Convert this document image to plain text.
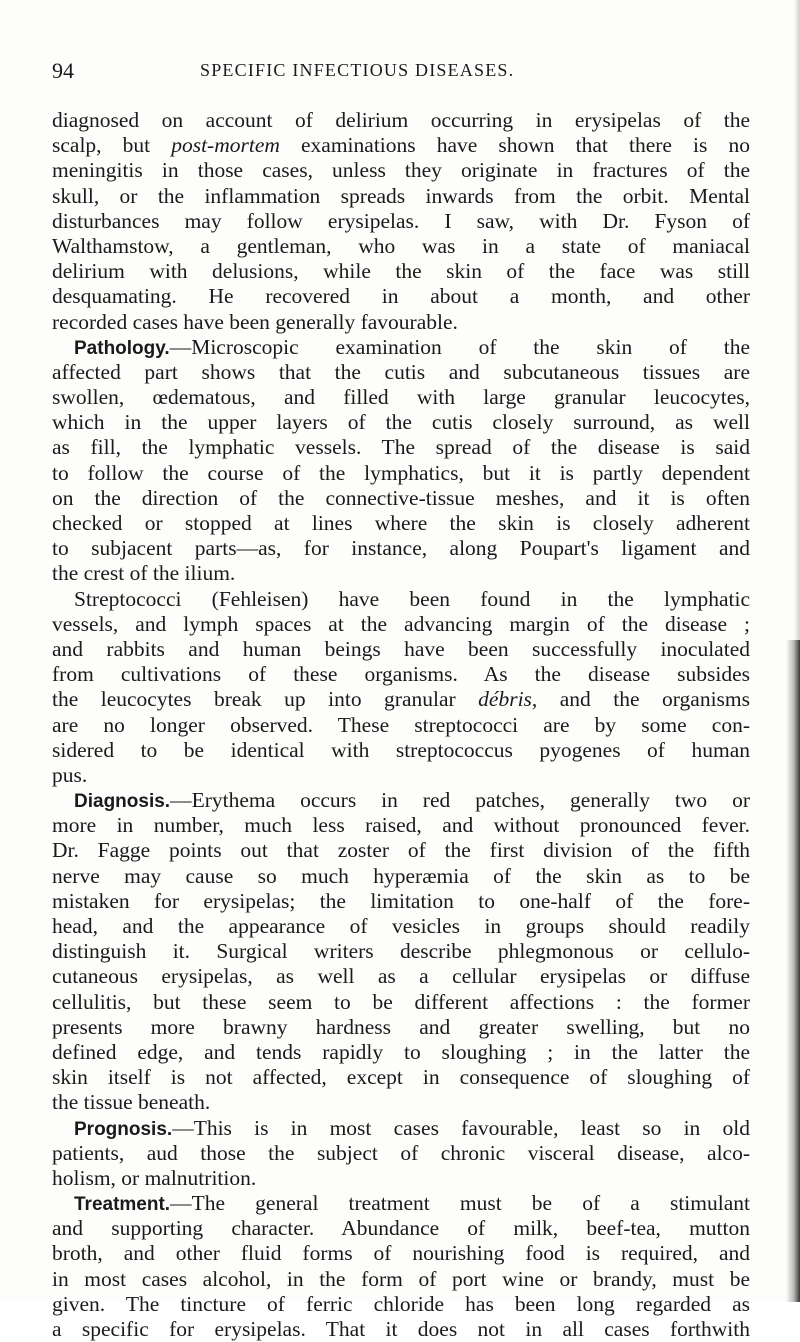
94	SPECIFIC INFECTIOUS DISEASES.
diagnosed on account of delirium occurring in erysipelas of the
scalp, but post-mortem examinations have shown that there is no
meningitis in those cases, unless they originate in fractures of the
skull, or the inflammation spreads inwards from the orbit. Mental
disturbances may follow erysipelas. I saw, with Dr. Fyson of
Walthamstow, a gentleman, who was in a state of maniacal
delirium with delusions, while the skin of the face was still
desquamating. He recovered in about a month, and other
recorded cases have been generally favourable.
Pathology.—Microscopic examination of the skin of the
affected part shows that the cutis and subcutaneous tissues are
swollen, œdematous, and filled with large granular leucocytes,
which in the upper layers of the cutis closely surround, as well
as fill, the lymphatic vessels. The spread of the disease is said
to follow the course of the lymphatics, but it is partly dependent
on the direction of the connective-tissue meshes, and it is often
checked or stopped at lines where the skin is closely adherent
to subjacent parts—as, for instance, along Poupart's ligament and
the crest of the ilium.
Streptococci (Fehleisen) have been found in the lymphatic
vessels, and lymph spaces at the advancing margin of the disease ;
and rabbits and human beings have been successfully inoculated
from cultivations of these organisms. As the disease subsides
the leucocytes break up into granular débris, and the organisms
are no longer observed. These streptococci are by some con-
sidered to be identical with streptococcus pyogenes of human
pus.
Diagnosis.—Erythema occurs in red patches, generally two or
more in number, much less raised, and without pronounced fever.
Dr. Fagge points out that zoster of the first division of the fifth
nerve may cause so much hyperæmia of the skin as to be
mistaken for erysipelas; the limitation to one-half of the fore-
head, and the appearance of vesicles in groups should readily
distinguish it. Surgical writers describe phlegmonous or cellulo-
cutaneous erysipelas, as well as a cellular erysipelas or diffuse
cellulitis, but these seem to be different affections : the former
presents more brawny hardness and greater swelling, but no
defined edge, and tends rapidly to sloughing ; in the latter the
skin itself is not affected, except in consequence of sloughing of
the tissue beneath.
Prognosis.—This is in most cases favourable, least so in old
patients, aud those the subject of chronic visceral disease, alco-
holism, or malnutrition.
Treatment.—The general treatment must be of a stimulant
and supporting character. Abundance of milk, beef-tea, mutton
broth, and other fluid forms of nourishing food is required, and
in most cases alcohol, in the form of port wine or brandy, must be
given. The tincture of ferric chloride has been long regarded as
a specific for erysipelas. That it does not in all cases forthwith
